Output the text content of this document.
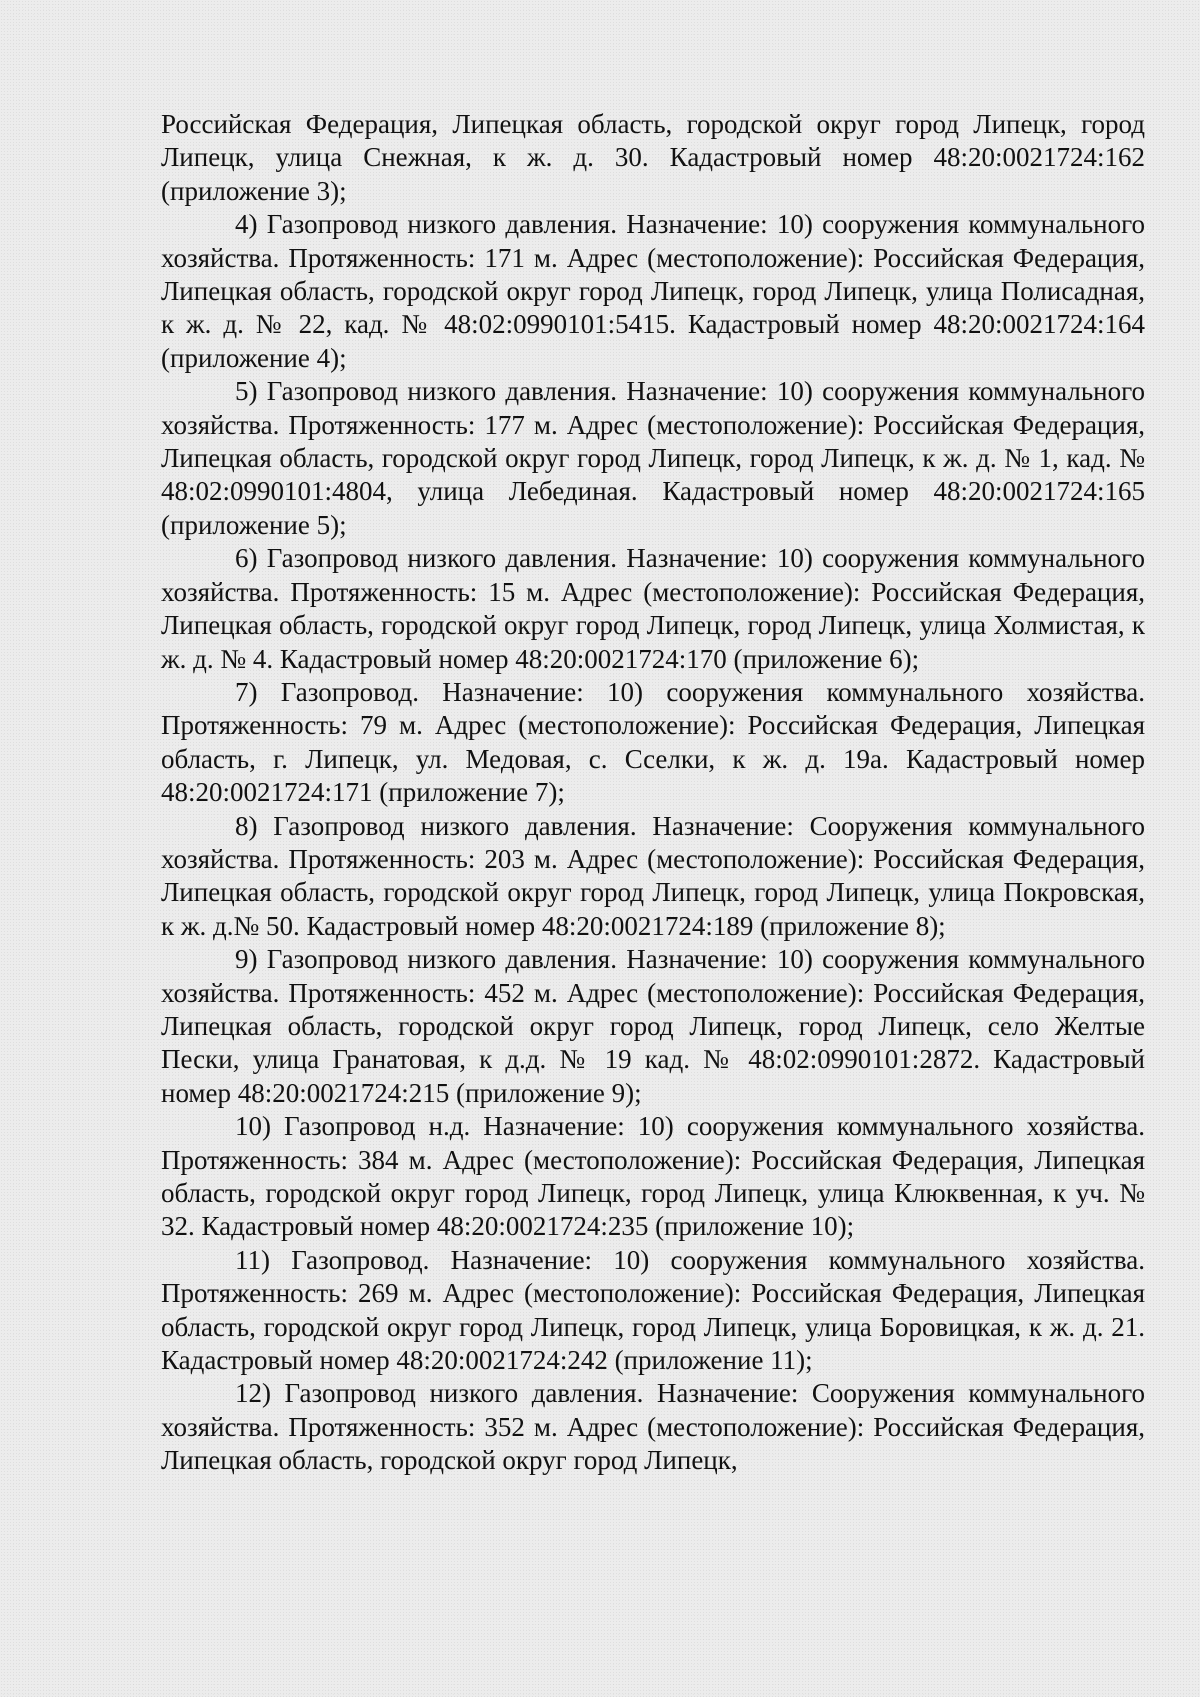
Российская Федерация, Липецкая область, городской округ город Липецк, город Липецк, улица Снежная, к ж. д. 30. Кадастровый номер 48:20:0021724:162 (приложение 3);

4) Газопровод низкого давления. Назначение: 10) сооружения коммунального хозяйства. Протяженность: 171 м. Адрес (местоположение): Российская Федерация, Липецкая область, городской округ город Липецк, город Липецк, улица Полисадная, к ж. д. № 22, кад. № 48:02:0990101:5415. Кадастровый номер 48:20:0021724:164 (приложение 4);

5) Газопровод низкого давления. Назначение: 10) сооружения коммунального хозяйства. Протяженность: 177 м. Адрес (местоположение): Российская Федерация, Липецкая область, городской округ город Липецк, город Липецк, к ж. д. № 1, кад. № 48:02:0990101:4804, улица Лебединая. Кадастровый номер 48:20:0021724:165 (приложение 5);

6) Газопровод низкого давления. Назначение: 10) сооружения коммунального хозяйства. Протяженность: 15 м. Адрес (местоположение): Российская Федерация, Липецкая область, городской округ город Липецк, город Липецк, улица Холмистая, к ж. д. № 4. Кадастровый номер 48:20:0021724:170 (приложение 6);

7) Газопровод. Назначение: 10) сооружения коммунального хозяйства. Протяженность: 79 м. Адрес (местоположение): Российская Федерация, Липецкая область, г. Липецк, ул. Медовая, с. Сселки, к ж. д. 19а. Кадастровый номер 48:20:0021724:171 (приложение 7);

8) Газопровод низкого давления. Назначение: Сооружения коммунального хозяйства. Протяженность: 203 м. Адрес (местоположение): Российская Федерация, Липецкая область, городской округ город Липецк, город Липецк, улица Покровская, к ж. д.№ 50. Кадастровый номер 48:20:0021724:189 (приложение 8);

9) Газопровод низкого давления. Назначение: 10) сооружения коммунального хозяйства. Протяженность: 452 м. Адрес (местоположение): Российская Федерация, Липецкая область, городской округ город Липецк, город Липецк, село Желтые Пески, улица Гранатовая, к д.д. № 19 кад. № 48:02:0990101:2872. Кадастровый номер 48:20:0021724:215 (приложение 9);

10) Газопровод н.д. Назначение: 10) сооружения коммунального хозяйства. Протяженность: 384 м. Адрес (местоположение): Российская Федерация, Липецкая область, городской округ город Липецк, город Липецк, улица Клюквенная, к уч. № 32. Кадастровый номер 48:20:0021724:235 (приложение 10);

11) Газопровод. Назначение: 10) сооружения коммунального хозяйства. Протяженность: 269 м. Адрес (местоположение): Российская Федерация, Липецкая область, городской округ город Липецк, город Липецк, улица Боровицкая, к ж. д. 21. Кадастровый номер 48:20:0021724:242 (приложение 11);

12) Газопровод низкого давления. Назначение: Сооружения коммунального хозяйства. Протяженность: 352 м. Адрес (местоположение): Российская Федерация, Липецкая область, городской округ город Липецк,
